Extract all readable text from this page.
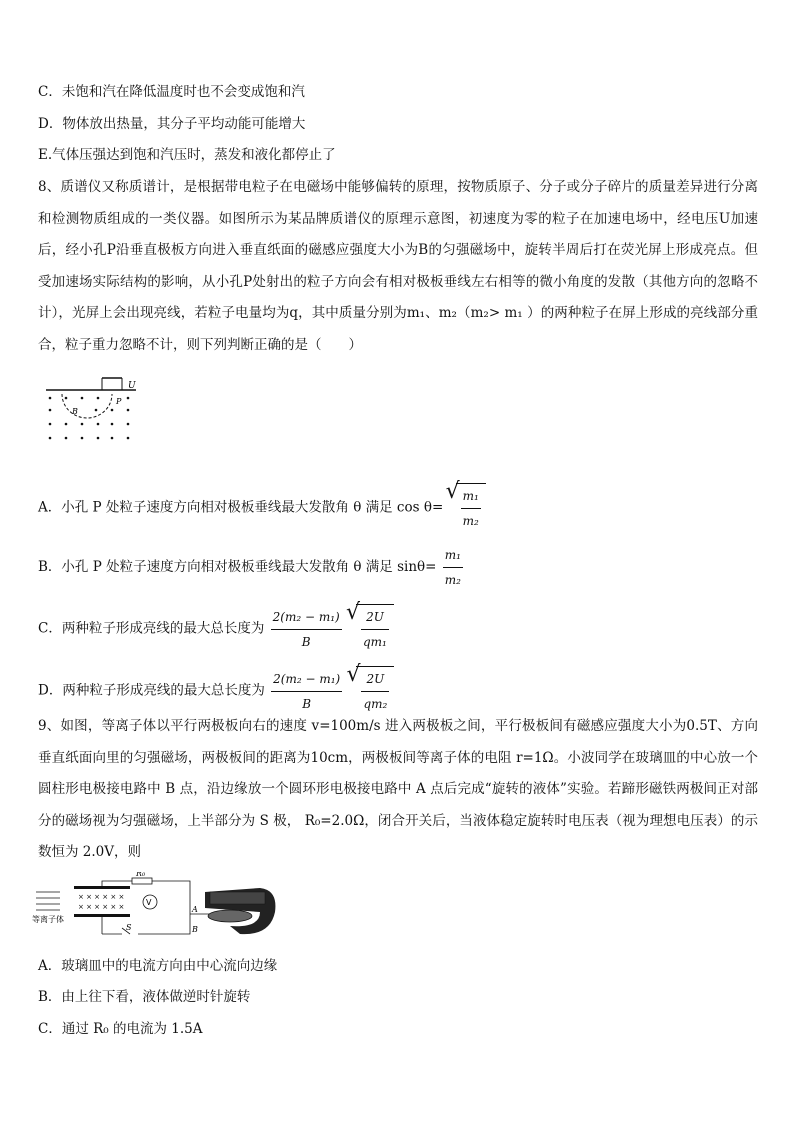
C．未饱和汽在降低温度时也不会变成饱和汽
D．物体放出热量，其分子平均动能可能增大
E.气体压强达到饱和汽压时，蒸发和液化都停止了
8、质谱仪又称质谱计，是根据带电粒子在电磁场中能够偏转的原理，按物质原子、分子或分子碎片的质量差异进行分离和检测物质组成的一类仪器。如图所示为某品牌质谱仪的原理示意图，初速度为零的粒子在加速电场中，经电压U加速后，经小孔P沿垂直极板方向进入垂直纸面的磁感应强度大小为B的匀强磁场中，旋转半周后打在荧光屏上形成亮点。但受加速场实际结构的影响，从小孔P处射出的粒子方向会有相对极板垂线左右相等的微小角度的发散（其他方向的忽略不计），光屏上会出现亮线，若粒子电量均为q，其中质量分别为m₁、m₂（m₂> m₁ ）的两种粒子在屏上形成的亮线部分重合，粒子重力忽略不计，则下列判断正确的是（　　）
U
P
B
A．小孔 P 处粒子速度方向相对极板垂线最大发散角 θ 满足 cos θ= √ $\frac{\text{m₁}}{\text{m₂}}$
B．小孔 P 处粒子速度方向相对极板垂线最大发散角 θ 满足 $\sin\theta= \frac{\text{m₁}}{\text{m₂}}$
C．两种粒子形成亮线的最大总长度为 $\frac{\text{2(m₂ − m₁)}}{B}$
√ $\frac{2U}{\text{qm₁}}$
D．两种粒子形成亮线的最大总长度为 $\frac{\text{2(m₂ − m₁)}}{B}$
√ $\frac{2U}{\text{qm₂}}$
9、如图，等离子体以平行两极板向右的速度 v=100m/s 进入两极板之间，平行极板间有磁感应强度大小为0.5T、方向垂直纸面向里的匀强磁场，两极板间的距离为10cm，两极板间等离子体的电阻 r=1Ω。小波同学在玻璃皿的中心放一个圆柱形电极接电路中 B 点，沿边缘放一个圆环形电极接电路中 A 点后完成“旋转的液体”实验。若蹄形磁铁两极间正对部分的磁场视为匀强磁场，上半部分为 S 极， R₀=2.0Ω，闭合开关后，当液体稳定旋转时电压表（视为理想电压表）的示数恒为 2.0V，则
等离子体
× × × × × ×
× × × × × ×
R₀
V
S
A
B
A．玻璃皿中的电流方向由中心流向边缘
B．由上往下看，液体做逆时针旋转
C．通过 R₀ 的电流为 1.5A
